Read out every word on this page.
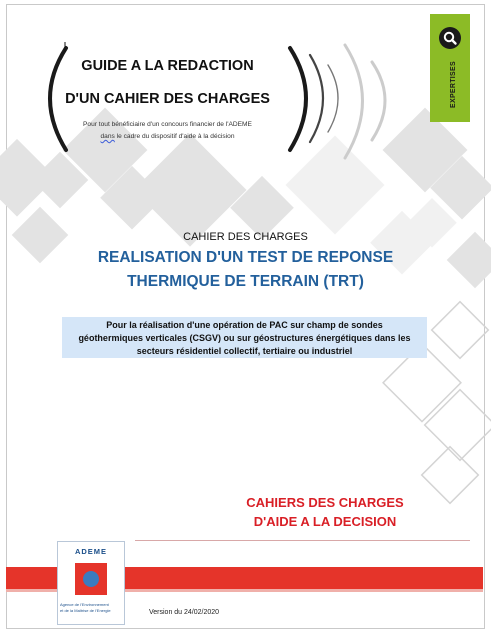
GUIDE A LA REDACTION
D'UN CAHIER DES CHARGES
Pour tout bénéficiaire d'un concours financier de l'ADEME
dans le cadre du dispositif d'aide à la décision
EXPERTISES
CAHIER DES CHARGES
REALISATION D'UN TEST DE REPONSE
THERMIQUE DE TERRAIN (TRT)
Pour la réalisation d'une opération de PAC sur champ de sondes
géothermiques verticales (CSGV) ou sur géostructures énergétiques dans les
secteurs résidentiel collectif, tertiaire ou industriel
CAHIERS DES CHARGES
D'AIDE A LA DECISION
ADEME
Agence de l'Environnement
et de la Maîtrise de l'Energie	Version du 24/02/2020
